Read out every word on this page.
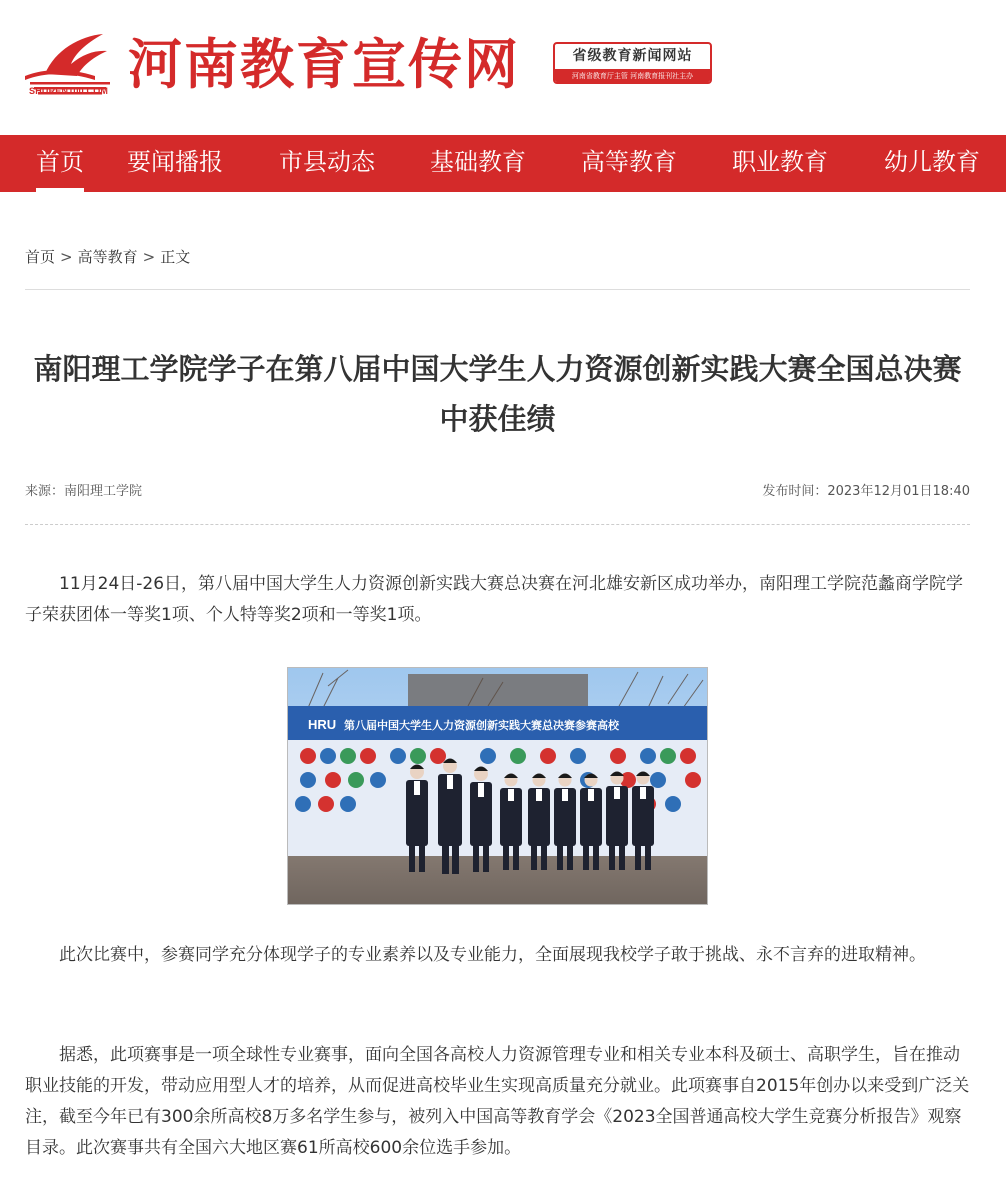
SHUREN100.COM 河南教育宣传网	省级教育新闻网站
河南省教育厅主管 河南教育报刊社主办
首页 要闻播报 市县动态 基础教育 高等教育 职业教育 幼儿教育
首页 > 高等教育 > 正文
南阳理工学院学子在第八届中国大学生人力资源创新实践大赛全国总决赛中获佳绩
来源：南阳理工学院	发布时间：2023年12月01日18:40

11月24日-26日，第八届中国大学生人力资源创新实践大赛总决赛在河北雄安新区成功举办，南阳理工学院范蠡商学院学子荣获团体一等奖1项、个人特等奖2项和一等奖1项。

HRU 第八届中国大学生人力资源创新实践大赛总决赛参赛高校

此次比赛中，参赛同学充分体现学子的专业素养以及专业能力，全面展现我校学子敢于挑战、永不言弃的进取精神。

据悉，此项赛事是一项全球性专业赛事，面向全国各高校人力资源管理专业和相关专业本科及硕士、高职学生，旨在推动职业技能的开发，带动应用型人才的培养，从而促进高校毕业生实现高质量充分就业。此项赛事自2015年创办以来受到广泛关注，截至今年已有300余所高校8万多名学生参与，被列入中国高等教育学会《2023全国普通高校大学生竞赛分析报告》观察目录。此次赛事共有全国六大地区赛61所高校600余位选手参加。
